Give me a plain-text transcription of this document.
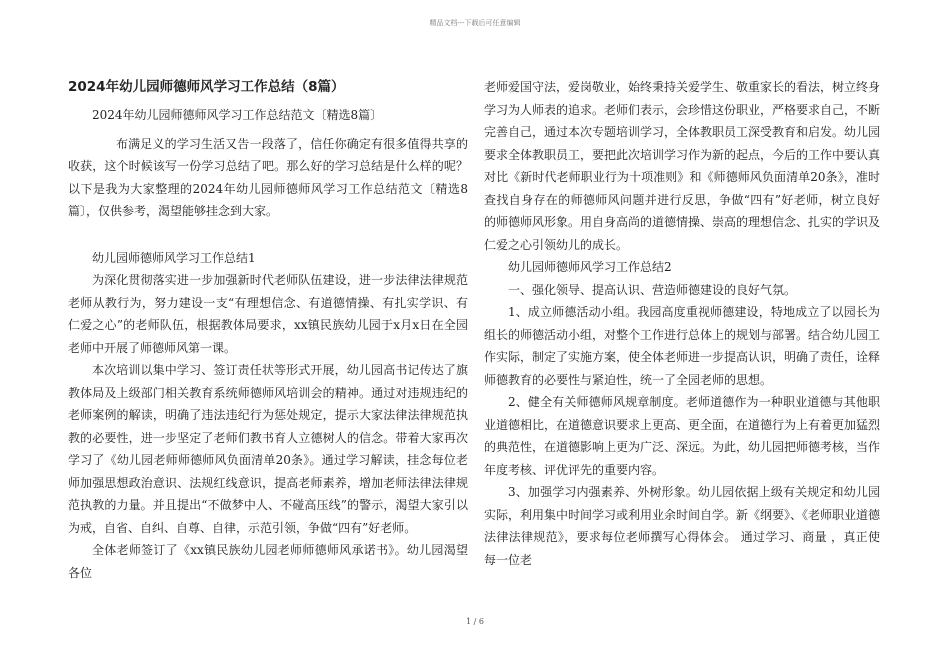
精品文档---下载后可任意编辑

2024年幼儿园师德师风学习工作总结（8篇）

2024年幼儿园师德师风学习工作总结范文〔精选8篇〕

布满足义的学习生活又告一段落了，信任你确定有很多值得共享的收获，这个时候该写一份学习总结了吧。那么好的学习总结是什么样的呢？以下是我为大家整理的2024年幼儿园师德师风学习工作总结范文〔精选8篇〕，仅供参考，渴望能够挂念到大家。

幼儿园师德师风学习工作总结1

为深化贯彻落实进一步加强新时代老师队伍建设，进一步法律法律规范老师从教行为，努力建设一支“有理想信念、有道德情操、有扎实学识、有仁爱之心”的老师队伍，根据教体局要求，xx镇民族幼儿园于x月x日在全园老师中开展了师德师风第一课。

本次培训以集中学习、签订责任状等形式开展，幼儿园高书记传达了旗教体局及上级部门相关教育系统师德师风培训会的精神。通过对违规违纪的老师案例的解读，明确了违法违纪行为惩处规定，提示大家法律法律规范执教的必要性，进一步坚定了老师们教书育人立德树人的信念。带着大家再次学习了《幼儿园老师师德师风负面清单20条》。通过学习解读，挂念每位老师加强思想政治意识、法规红线意识，提高老师素养，增加老师法律法律规范执教的力量。并且提出“不做梦中人、不碰高压线”的警示，渴望大家引以为戒，自省、自纠、自尊、自律，示范引领，争做“四有”好老师。

全体老师签订了《xx镇民族幼儿园老师师德师风承诺书》。幼儿园渴望各位

老师爱国守法，爱岗敬业，始终秉持关爱学生、敬重家长的看法，树立终身学习为人师表的追求。老师们表示，会珍惜这份职业，严格要求自己，不断完善自己，通过本次专题培训学习，全体教职员工深受教育和启发。幼儿园要求全体教职员工，要把此次培训学习作为新的起点，今后的工作中要认真对比《新时代老师职业行为十项准则》和《师德师风负面清单20条》，准时查找自身存在的师德师风问题并进行反思，争做“四有”好老师，树立良好的师德师风形象。用自身高尚的道德情操、崇高的理想信念、扎实的学识及仁爱之心引领幼儿的成长。

幼儿园师德师风学习工作总结2

一、强化领导、提高认识、营造师德建设的良好气氛。

1、成立师德活动小组。我园高度重视师德建设，特地成立了以园长为组长的师德活动小组，对整个工作进行总体上的规划与部署。结合幼儿园工作实际，制定了实施方案，使全体老师进一步提高认识，明确了责任，诠释师德教育的必要性与紧迫性，统一了全园老师的思想。

2、健全有关师德师风规章制度。老师道德作为一种职业道德与其他职业道德相比，在道德意识要求上更高、更全面，在道德行为上有着更加猛烈的典范性，在道德影响上更为广泛、深远。为此，幼儿园把师德考核，当作年度考核、评优评先的重要内容。

3、加强学习内强素养、外树形象。幼儿园依据上级有关规定和幼儿园实际，利用集中时间学习或利用业余时间自学。新《纲要》、《老师职业道德法律法律规范》，要求每位老师撰写心得体会。 通过学习、商量 ，真正使每一位老

1 / 6
